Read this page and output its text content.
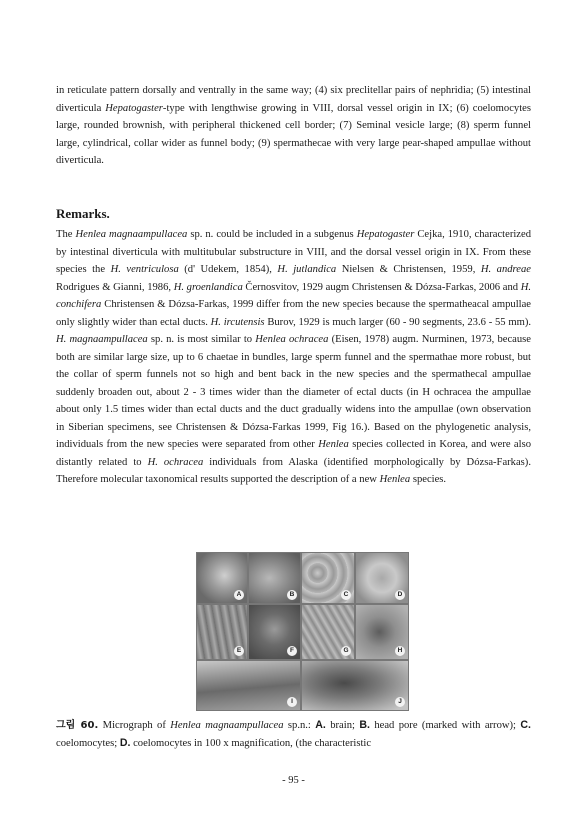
in reticulate pattern dorsally and ventrally in the same way; (4) six preclitellar pairs of nephridia; (5) intestinal diverticula Hepatogaster-type with lengthwise growing in VIII, dorsal vessel origin in IX; (6) coelomocytes large, rounded brownish, with peripheral thickened cell border; (7) Seminal vesicle large; (8) sperm funnel large, cylindrical, collar wider as funnel body; (9) spermathecae with very large pear-shaped ampullae without diverticula.

Remarks.

The Henlea magnaampullacea sp. n. could be included in a subgenus Hepatogaster Cejka, 1910, characterized by intestinal diverticula with multitubular substructure in VIII, and the dorsal vessel origin in IX. From these species the H. ventriculosa (d' Udekem, 1854), H. jutlandica Nielsen & Christensen, 1959, H. andreae Rodrigues & Gianni, 1986, H. groenlandica Černosvitov, 1929 augm Christensen & Dózsa-Farkas, 2006 and H. conchifera Christensen & Dózsa-Farkas, 1999 differ from the new species because the spermatheacal ampullae only slightly wider than ectal ducts. H. ircutensis Burov, 1929 is much larger (60 - 90 segments, 23.6 - 55 mm). H. magnaampullacea sp. n. is most similar to Henlea ochracea (Eisen, 1978) augm. Nurminen, 1973, because both are similar large size, up to 6 chaetae in bundles, large sperm funnel and the spermathae more robust, but the collar of sperm funnels not so high and bent back in the new species and the spermathecal ampullae suddenly broaden out, about 2 - 3 times wider than the diameter of ectal ducts (in H ochracea the ampullae about only 1.5 times wider than ectal ducts and the duct gradually widens into the ampullae (own observation in Siberian specimens, see Christensen & Dózsa-Farkas 1999, Fig 16.). Based on the phylogenetic analysis, individuals from the new species were separated from other Henlea species collected in Korea, and were also distantly related to H. ochracea individuals from Alaska (identified morphologically by Dózsa-Farkas). Therefore molecular taxonomical results supported the description of a new Henlea species.

A	B	C	D
E	F	G	H
I	J

그림 60. Micrograph of Henlea magnaampullacea sp.n.: A. brain; B. head pore (marked with arrow); C. coelomocytes; D. coelomocytes in 100 x magnification, (the characteristic

- 95 -
